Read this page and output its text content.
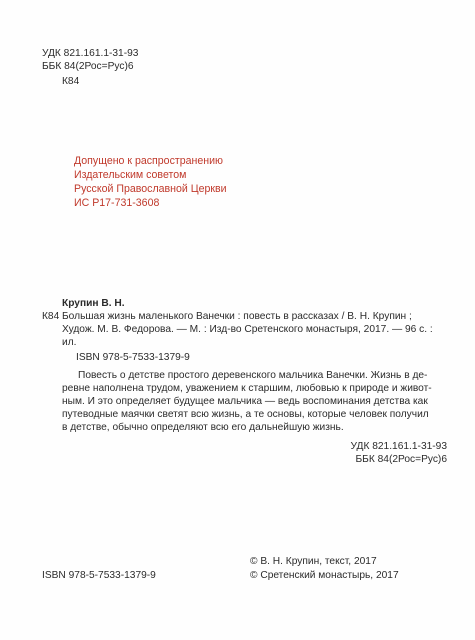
УДК 821.161.1-31-93
ББК 84(2Рос=Рус)6
К84
Допущено к распространению
Издательским советом
Русской Православной Церкви
ИС Р17-731-3608
Крупин В. Н.
К84 Большая жизнь маленького Ванечки : повесть в рассказах / В. Н. Крупин ;
Худож. М. В. Федорова. — М. : Изд-во Сретенского монастыря, 2017. — 96 с. :
ил.
ISBN 978-5-7533-1379-9
Повесть о детстве простого деревенского мальчика Ванечки. Жизнь в де-
ревне наполнена трудом, уважением к старшим, любовью к природе и живот-
ным. И это определяет будущее мальчика — ведь воспоминания детства как
путеводные маячки светят всю жизнь, а те основы, которые человек получил
в детстве, обычно определяют всю его дальнейшую жизнь.
УДК 821.161.1-31-93
ББК 84(2Рос=Рус)6
© В. Н. Крупин, текст, 2017
ISBN 978-5-7533-1379-9	© Сретенский монастырь, 2017
